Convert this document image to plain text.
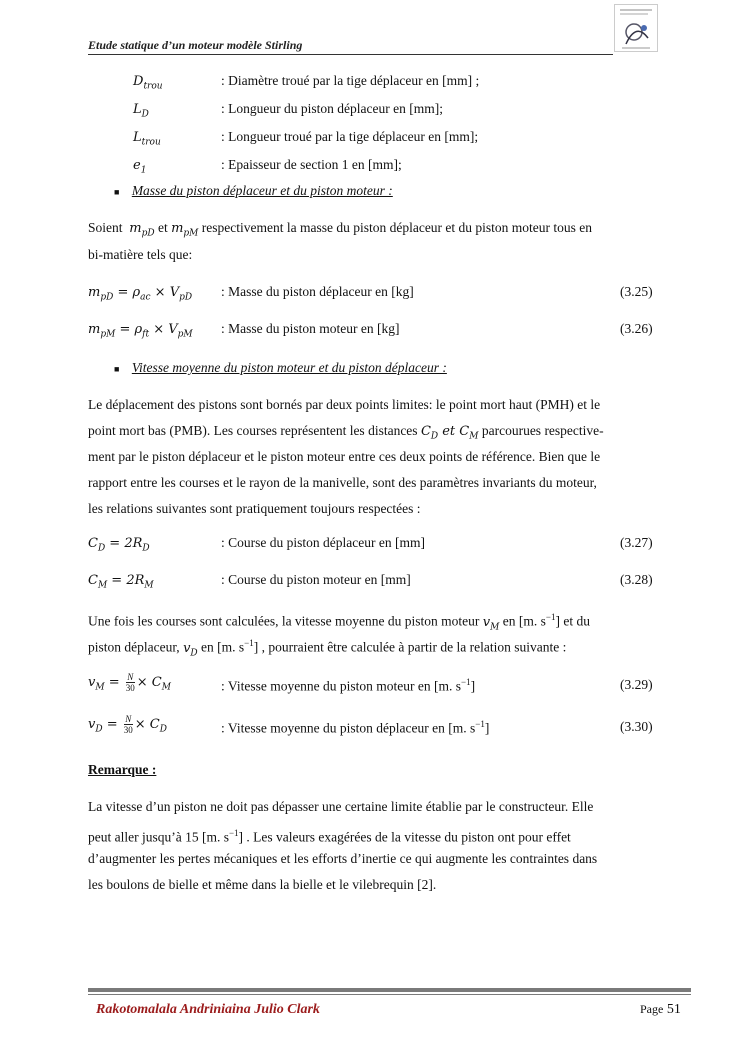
Etude statique d’un moteur modèle Stirling
$D_{trou}$	: Diamètre troué par la tige déplaceur en [mm] ;
$L_D$	: Longueur du piston déplaceur en [mm];
$L_{trou}$	: Longueur troué par la tige déplaceur en [mm];
$e_1$	: Epaisseur de section 1 en [mm];
■ Masse du piston déplaceur et du piston moteur :
Soient $m_{pD}$ et $m_{pM}$ respectivement la masse du piston déplaceur et du piston moteur tous en
bi-matière tels que:
$m_{pD} = \rho_{ac} \times V_{pD}$	: Masse du piston déplaceur en [kg]	(3.25)
$m_{pM} = \rho_{ft} \times V_{pM}$ : Masse du piston moteur en [kg]	(3.26)
■ Vitesse moyenne du piston moteur et du piston déplaceur :
Le déplacement des pistons sont bornés par deux points limites: le point mort haut (PMH) et le
point mort bas (PMB). Les courses représentent les distances $C_D$ et $C_M$ parcourues respective-
ment par le piston déplaceur et le piston moteur entre ces deux points de référence. Bien que le
rapport entre les courses et le rayon de la manivelle, sont des paramètres invariants du moteur,
les relations suivantes sont pratiquement toujours respectées :
$C_D = 2R_D$	: Course du piston déplaceur en [mm]	(3.27)
$C_M = 2R_M$	: Course du piston moteur en [mm]	(3.28)
Une fois les courses sont calculées, la vitesse moyenne du piston moteur $v_M$ en [m. $s^{-1}$] et du
piston déplaceur, $v_D$ en [m. $s^{-1}$] , pourraient être calculée à partir de la relation suivante :
$v_M = \frac{N}{30} \times C_M$	: Vitesse moyenne du piston moteur en [m. $s^{-1}$]	(3.29)
$v_D = \frac{N}{30} \times C_D$	: Vitesse moyenne du piston déplaceur en [m. $s^{-1}$]	(3.30)
Remarque :
La vitesse d’un piston ne doit pas dépasser une certaine limite établie par le constructeur. Elle
peut aller jusqu’à 15 [m. $s^{-1}$] . Les valeurs exagérées de la vitesse du piston ont pour effet
d’augmenter les pertes mécaniques et les efforts d’inertie ce qui augmente les contraintes dans
les boulons de bielle et même dans la bielle et le vilebrequin [2].
Rakotomalala Andriniaina Julio Clark	Page 51
